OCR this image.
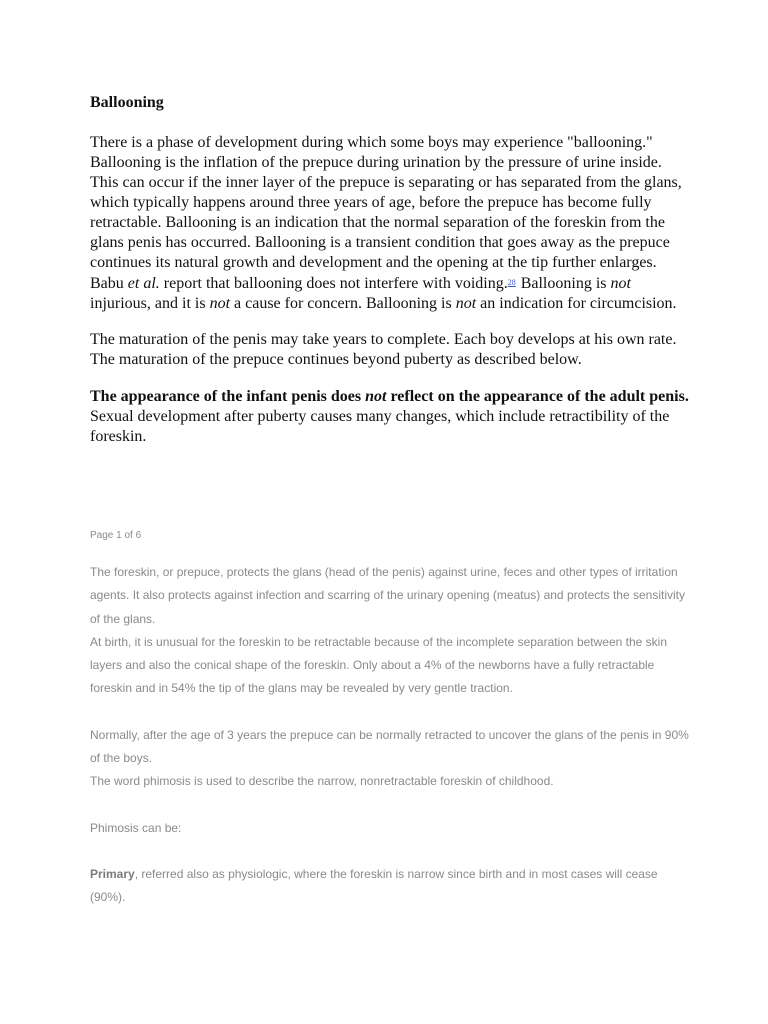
Ballooning

There is a phase of development during which some boys may experience "ballooning." Ballooning is the inflation of the prepuce during urination by the pressure of urine inside. This can occur if the inner layer of the prepuce is separating or has separated from the glans, which typically happens around three years of age, before the prepuce has become fully retractable. Ballooning is an indication that the normal separation of the foreskin from the glans penis has occurred. Ballooning is a transient condition that goes away as the prepuce continues its natural growth and development and the opening at the tip further enlarges. Babu et al. report that ballooning does not interfere with voiding.28 Ballooning is not injurious, and it is not a cause for concern. Ballooning is not an indication for circumcision.

The maturation of the penis may take years to complete. Each boy develops at his own rate. The maturation of the prepuce continues beyond puberty as described below.

The appearance of the infant penis does not reflect on the appearance of the adult penis. Sexual development after puberty causes many changes, which include retractibility of the foreskin.

Page 1 of 6

The foreskin, or prepuce, protects the glans (head of the penis) against urine, feces and other types of irritation agents. It also protects against infection and scarring of the urinary opening (meatus) and protects the sensitivity of the glans.

At birth, it is unusual for the foreskin to be retractable because of the incomplete separation between the skin layers and also the conical shape of the foreskin. Only about a 4% of the newborns have a fully retractable foreskin and in 54% the tip of the glans may be revealed by very gentle traction.

Normally, after the age of 3 years the prepuce can be normally retracted to uncover the glans of the penis in 90% of the boys.

The word phimosis is used to describe the narrow, nonretractable foreskin of childhood.

Phimosis can be:

Primary, referred also as physiologic, where the foreskin is narrow since birth and in most cases will cease (90%).
